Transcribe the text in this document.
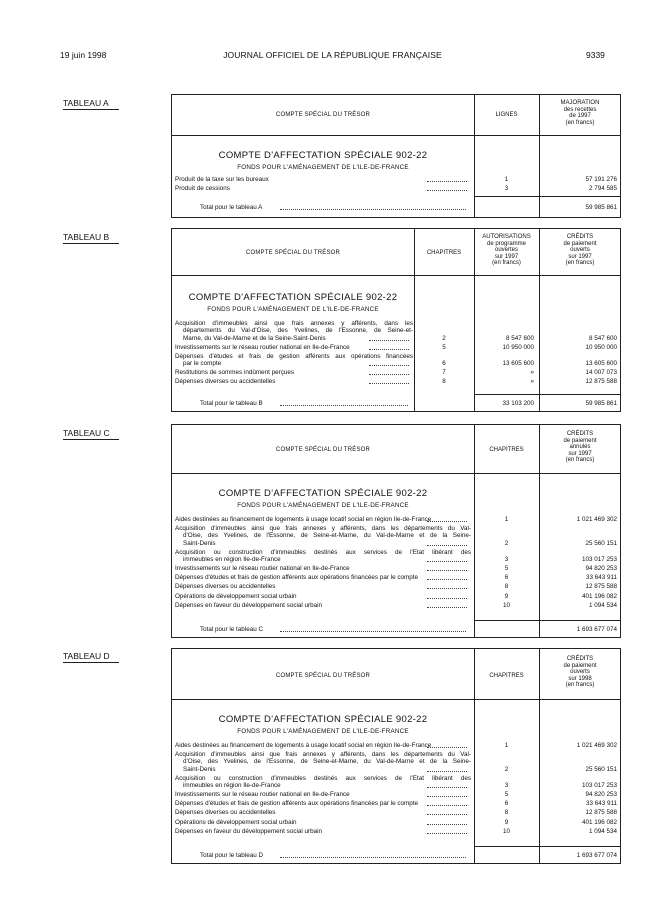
19 juin 1998	JOURNAL OFFICIEL DE LA RÉPUBLIQUE FRANÇAISE	9339
TABLEAU A
TABLEAU B
TABLEAU C
TABLEAU D
COMPTE SPÉCIAL DU TRÉSOR	LIGNES
MAJORATION
des recettes
de 1997
(en francs)
COMPTE D'AFFECTATION SPÉCIALE 902-22
FONDS POUR L'AMÉNAGEMENT DE L'ILE-DE-FRANCE
Produit de la taxe sur les bureaux	1	57 191 276
Produit de cessions	3	2 794 585
Total pour le tableau A	59 985 861
COMPTE SPÉCIAL DU TRÉSOR	CHAPITRES
AUTORISATIONS
de programme
ouvertes
sur 1997
(en francs)
CRÉDITS
de paiement
ouverts
sur 1997
(en francs)
COMPTE D'AFFECTATION SPÉCIALE 902-22
FONDS POUR L'AMÉNAGEMENT DE L'ILE-DE-FRANCE
Acquisition d'immeubles ainsi que frais annexes y afférents, dans les
départements du Val-d'Oise, des Yvelines, de l'Essonne, de Seine-et-
Marne, du Val-de-Marne et de la Seine-Saint-Denis	2	8 547 600	8 547 600
Investissements sur le réseau routier national en Ile-de-France	5	10 950 000	10 950 000
Dépenses d'études et frais de gestion afférents aux opérations financées
par le compte	6	13 605 600	13 605 600
Restitutions de sommes indûment perçues	7	»	14 007 073
Dépenses diverses ou accidentelles	8	»	12 875 588
Total pour le tableau B	33 103 200	59 985 861
COMPTE SPÉCIAL DU TRÉSOR	CHAPITRES
CRÉDITS
de paiement
annulés
sur 1997
(en francs)
COMPTE D'AFFECTATION SPÉCIALE 902-22
FONDS POUR L'AMÉNAGEMENT DE L'ILE-DE-FRANCE
Aides destinées au financement de logements à usage locatif social en région Ile-de-France	1	1 021 469 302
Acquisition d'immeubles ainsi que frais annexes y afférents, dans les départements du Val-
d'Oise, des Yvelines, de l'Essonne, de Seine-et-Marne, du Val-de-Marne et de la Seine-
Saint-Denis	2	25 560 151
Acquisition ou construction d'immeubles destinés aux services de l'Etat libérant des
immeubles en région Ile-de-France	3	103 017 253
Investissements sur le réseau routier national en Ile-de-France	5	94 820 253
Dépenses d'études et frais de gestion afférents aux opérations financées par le compte	6	33 643 911
Dépenses diverses ou accidentelles	8	12 875 588
Opérations de développement social urbain	9	401 196 082
Dépenses en faveur du développement social urbain	10	1 094 534
Total pour le tableau C	1 693 677 074
COMPTE SPÉCIAL DU TRÉSOR	CHAPITRES
CRÉDITS
de paiement
ouverts
sur 1998
(en francs)
COMPTE D'AFFECTATION SPÉCIALE 902-22
FONDS POUR L'AMÉNAGEMENT DE L'ILE-DE-FRANCE
Aides destinées au financement de logements à usage locatif social en région Ile-de-France	1	1 021 469 302
Acquisition d'immeubles ainsi que frais annexes y afférents, dans les départements du Val-
d'Oise, des Yvelines, de l'Essonne, de Seine-et-Marne, du Val-de-Marne et de la Seine-
Saint-Denis	2	25 560 151
Acquisition ou construction d'immeubles destinés aux services de l'Etat libérant des
immeubles en région Ile-de-France	3	103 017 253
Investissements sur le réseau routier national en Ile-de-France	5	94 820 253
Dépenses d'études et frais de gestion afférents aux opérations financées par le compte	6	33 643 911
Dépenses diverses ou accidentelles	8	12 875 588
Opérations de développement social urbain	9	401 196 082
Dépenses en faveur du développement social urbain	10	1 094 534
Total pour le tableau D	1 693 677 074
